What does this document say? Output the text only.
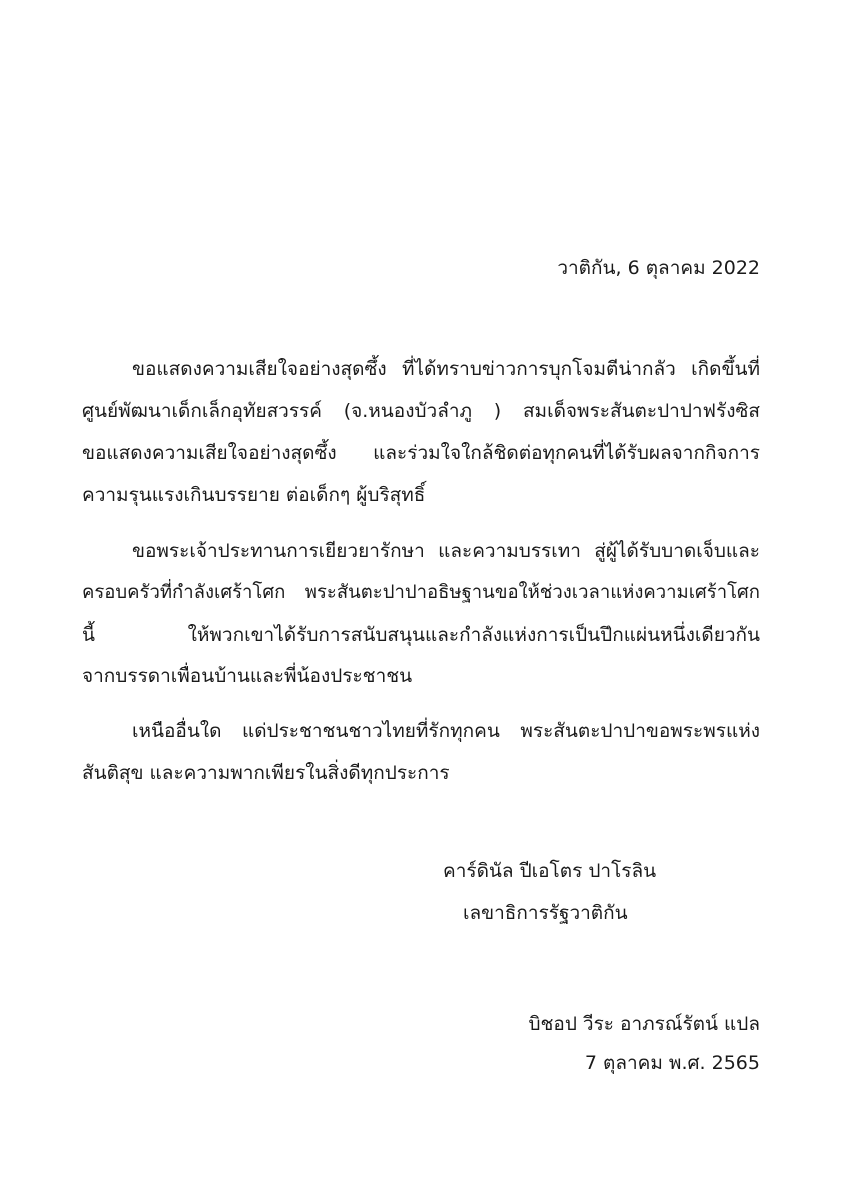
วาติกัน, 6 ตุลาคม 2022
ขอแสดงความเสียใจอย่างสุดซึ้ง ที่ได้ทราบข่าวการบุกโจมตีน่ากลัว เกิดขึ้นที่
ศูนย์พัฒนาเด็กเล็กอุทัยสวรรค์ (จ.หนองบัวลำภู ) สมเด็จพระสันตะปาปาฟรังซิส
ขอแสดงความเสียใจอย่างสุดซึ้ง และร่วมใจใกล้ชิดต่อทุกคนที่ได้รับผลจากกิจการ
ความรุนแรงเกินบรรยาย ต่อเด็กๆ ผู้บริสุทธิ์
ขอพระเจ้าประทานการเยียวยารักษา และความบรรเทา สู่ผู้ได้รับบาดเจ็บและ
ครอบครัวที่กำลังเศร้าโศก พระสันตะปาปาอธิษฐานขอให้ช่วงเวลาแห่งความเศร้าโศก
นี้ ให้พวกเขาได้รับการสนับสนุนและกำลังแห่งการเป็นปึกแผ่นหนึ่งเดียวกัน
จากบรรดาเพื่อนบ้านและพี่น้องประชาชน
เหนืออื่นใด แด่ประชาชนชาวไทยที่รักทุกคน พระสันตะปาปาขอพระพรแห่ง
สันติสุข และความพากเพียรในสิ่งดีทุกประการ
คาร์ดินัล ปีเอโตร ปาโรลิน
เลขาธิการรัฐวาติกัน
บิชอป วีระ อาภรณ์รัตน์ แปล
7 ตุลาคม พ.ศ. 2565
